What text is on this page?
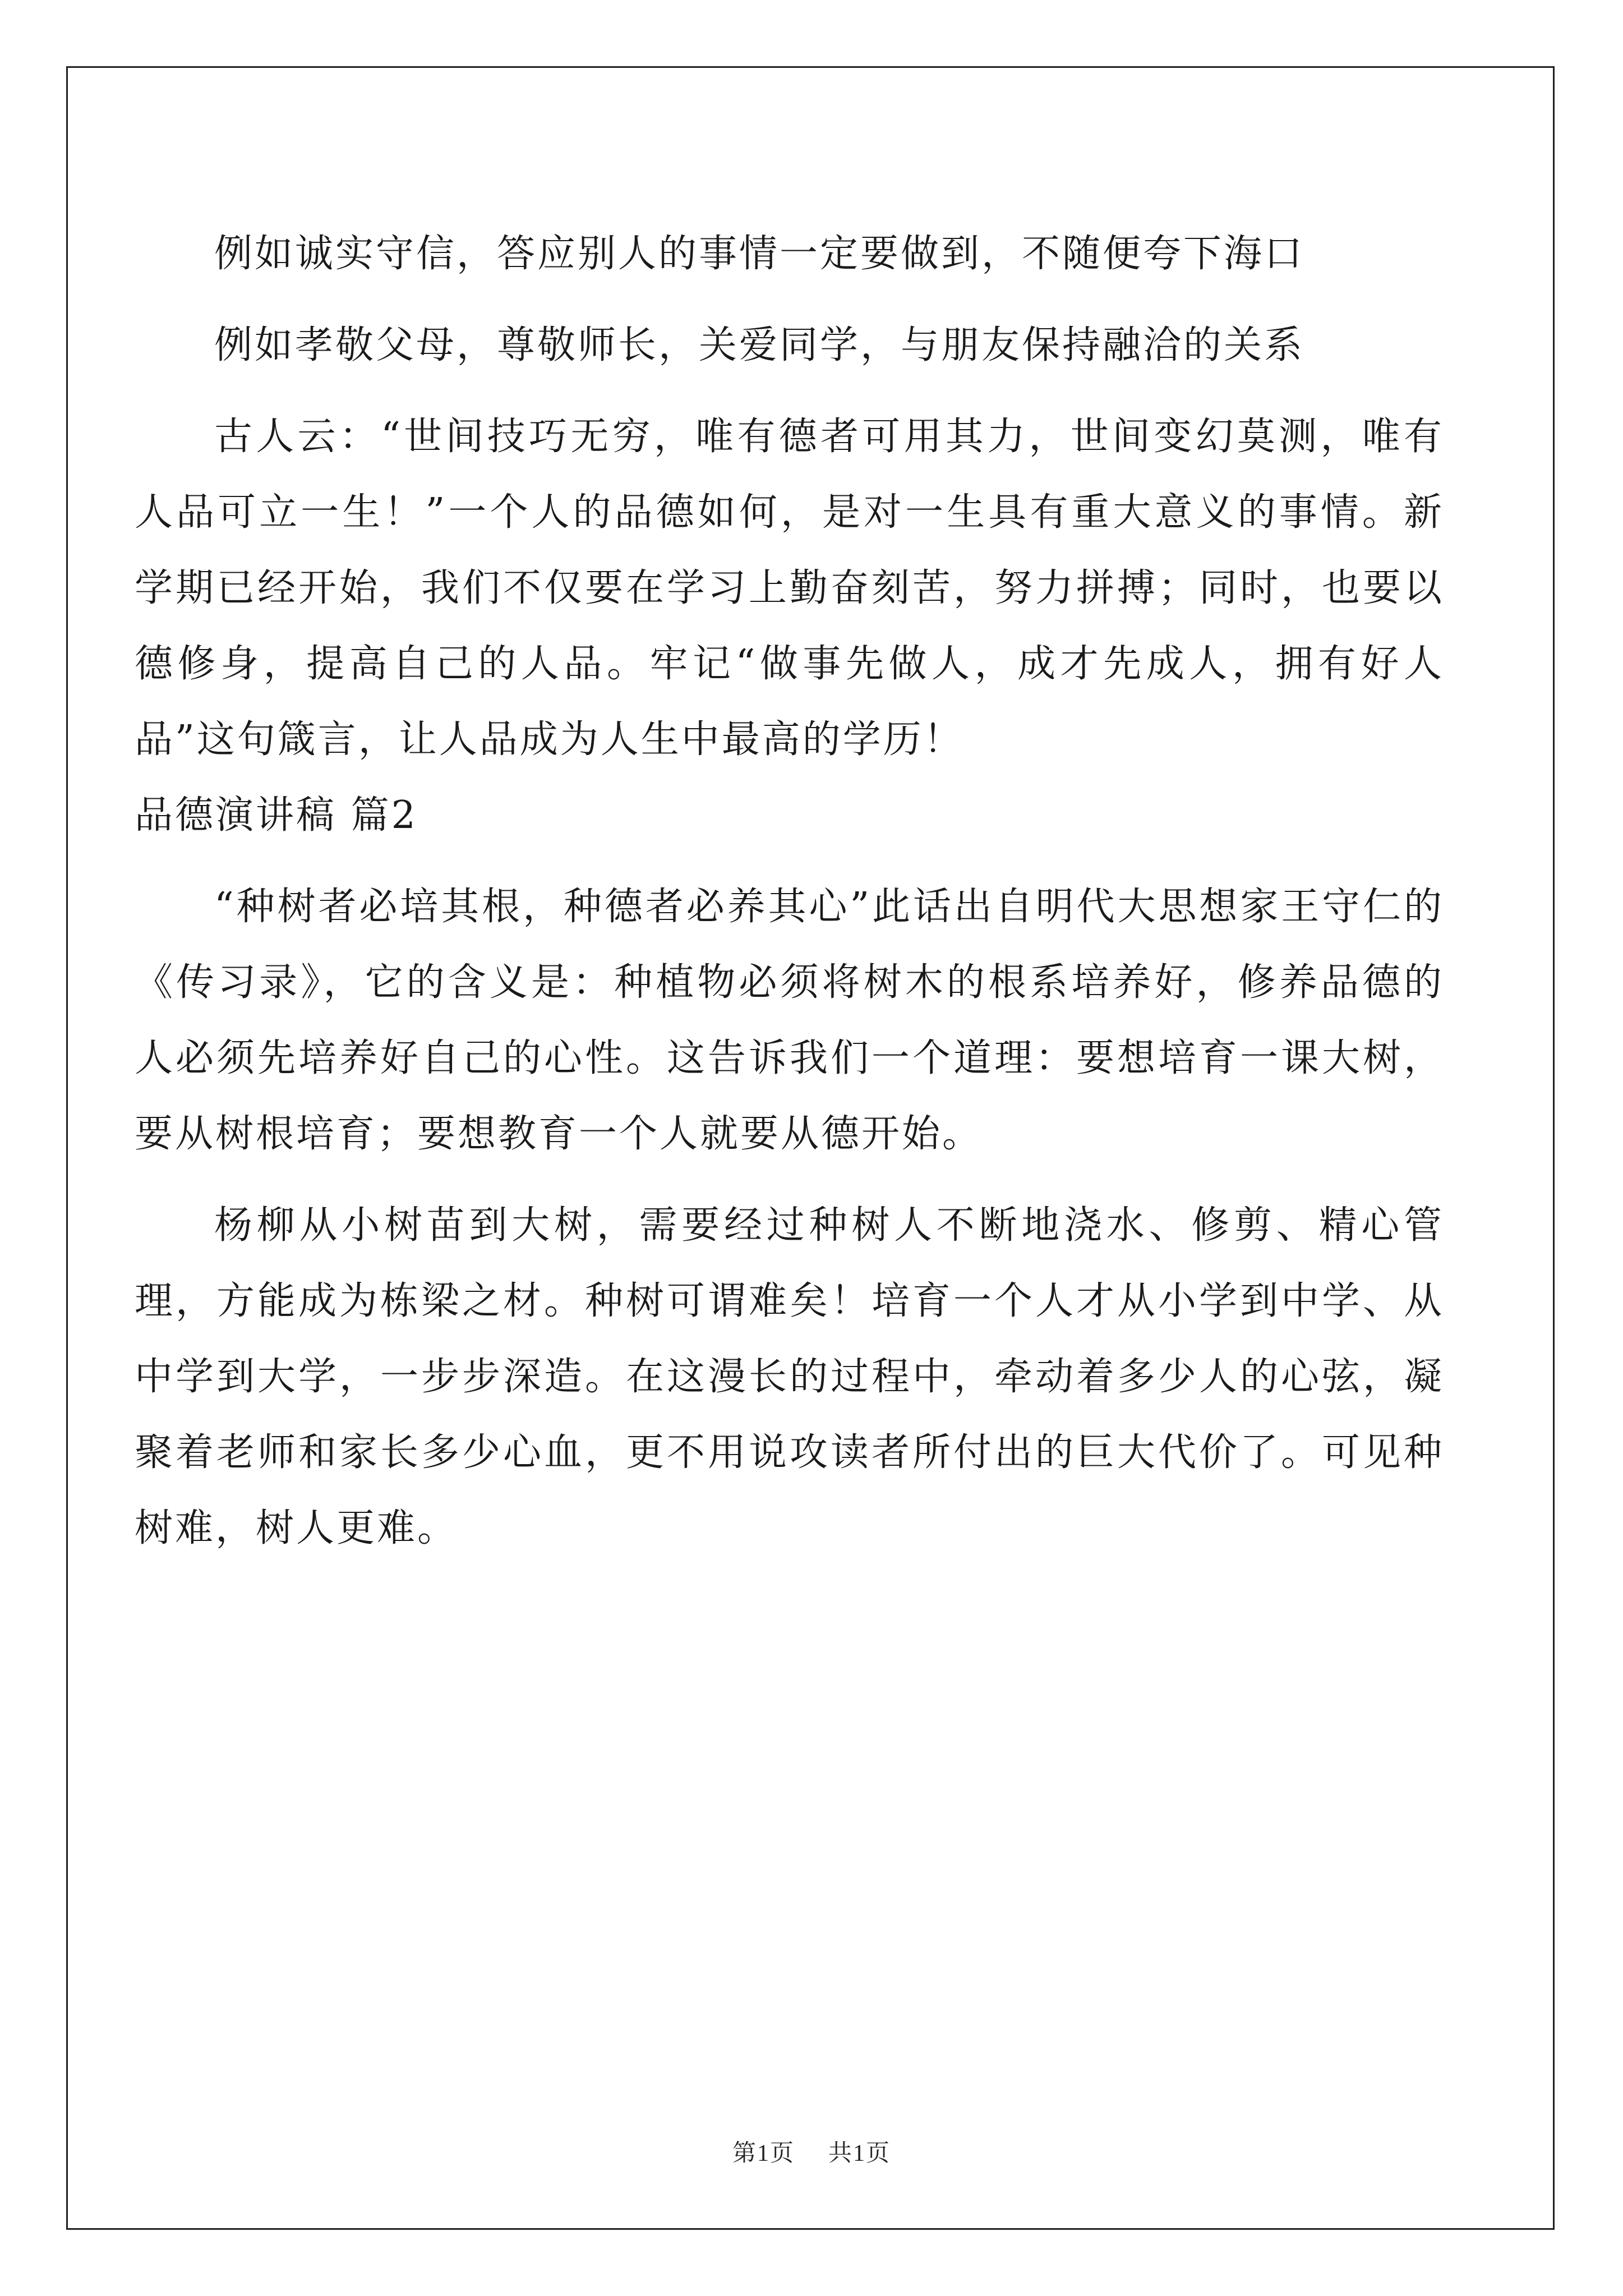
例如诚实守信，答应别人的事情一定要做到，不随便夸下海口

例如孝敬父母，尊敬师长，关爱同学，与朋友保持融洽的关系

古人云：“世间技巧无穷，唯有德者可用其力，世间变幻莫测，唯有人品可立一生！”一个人的品德如何，是对一生具有重大意义的事情。新学期已经开始，我们不仅要在学习上勤奋刻苦，努力拼搏；同时，也要以德修身，提高自己的人品。牢记“做事先做人，成才先成人，拥有好人品”这句箴言，让人品成为人生中最高的学历！

品德演讲稿 篇2

“种树者必培其根，种德者必养其心”此话出自明代大思想家王守仁的《传习录》，它的含义是：种植物必须将树木的根系培养好，修养品德的人必须先培养好自己的心性。这告诉我们一个道理：要想培育一课大树，要从树根培育；要想教育一个人就要从德开始。

杨柳从小树苗到大树，需要经过种树人不断地浇水、修剪、精心管理，方能成为栋梁之材。种树可谓难矣！培育一个人才从小学到中学、从中学到大学，一步步深造。在这漫长的过程中，牵动着多少人的心弦，凝聚着老师和家长多少心血，更不用说攻读者所付出的巨大代价了。可见种树难，树人更难。

第1页 共1页
